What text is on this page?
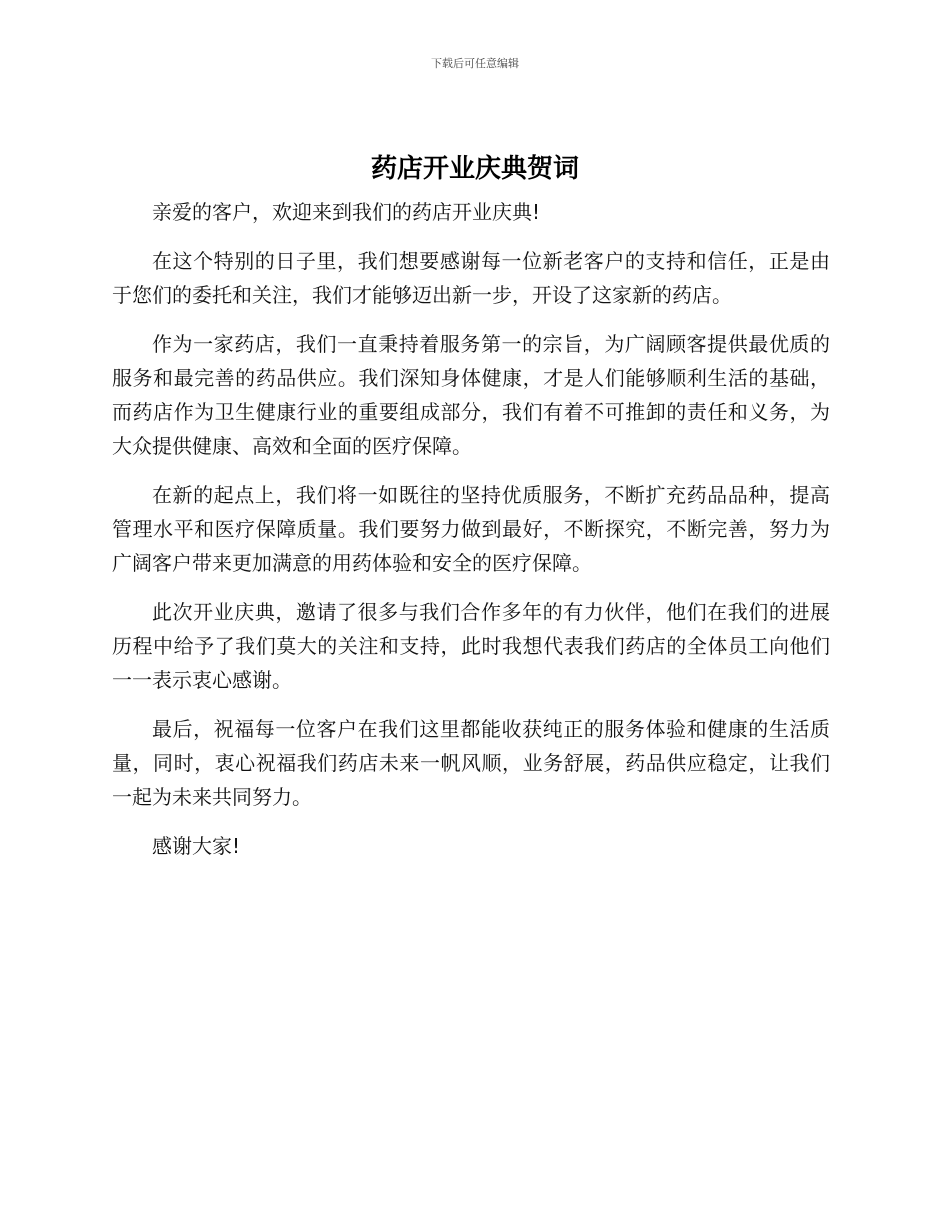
下载后可任意编辑
药店开业庆典贺词

亲爱的客户，欢迎来到我们的药店开业庆典!

在这个特别的日子里，我们想要感谢每一位新老客户的支持和信任，正是由于您们的委托和关注，我们才能够迈出新一步，开设了这家新的药店。

作为一家药店，我们一直秉持着服务第一的宗旨，为广阔顾客提供最优质的服务和最完善的药品供应。我们深知身体健康，才是人们能够顺利生活的基础，而药店作为卫生健康行业的重要组成部分，我们有着不可推卸的责任和义务，为大众提供健康、高效和全面的医疗保障。

在新的起点上，我们将一如既往的坚持优质服务，不断扩充药品品种，提高管理水平和医疗保障质量。我们要努力做到最好，不断探究，不断完善，努力为广阔客户带来更加满意的用药体验和安全的医疗保障。

此次开业庆典，邀请了很多与我们合作多年的有力伙伴，他们在我们的进展历程中给予了我们莫大的关注和支持，此时我想代表我们药店的全体员工向他们一一表示衷心感谢。

最后，祝福每一位客户在我们这里都能收获纯正的服务体验和健康的生活质量，同时，衷心祝福我们药店未来一帆风顺，业务舒展，药品供应稳定，让我们一起为未来共同努力。

感谢大家!
